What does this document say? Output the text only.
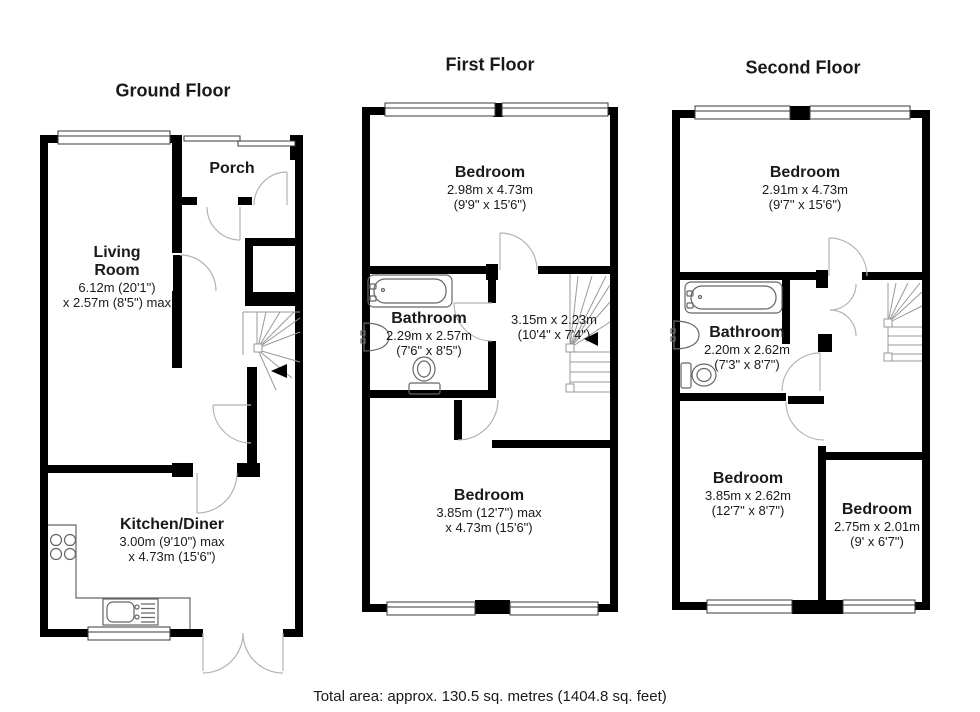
Ground Floor
First Floor	Second Floor
Porch
Living Room
6.12m (20'1")
x 2.57m (8'5") max
Kitchen/Diner
3.00m (9'10") max
x 4.73m (15'6")
Bedroom
2.98m x 4.73m
(9'9" x 15'6")
Bathroom
2.29m x 2.57m
(7'6" x 8'5")
3.15m x 2.23m
(10'4" x 7'4")
Bedroom
3.85m (12'7") max
x 4.73m (15'6")
Bedroom
2.91m x 4.73m
(9'7" x 15'6")
Bathroom
2.20m x 2.62m
(7'3" x 8'7")
Bedroom
3.85m x 2.62m
(12'7" x 8'7")	Bedroom
2.75m x 2.01m
(9' x 6'7")
Total area: approx. 130.5 sq. metres (1404.8 sq. feet)
